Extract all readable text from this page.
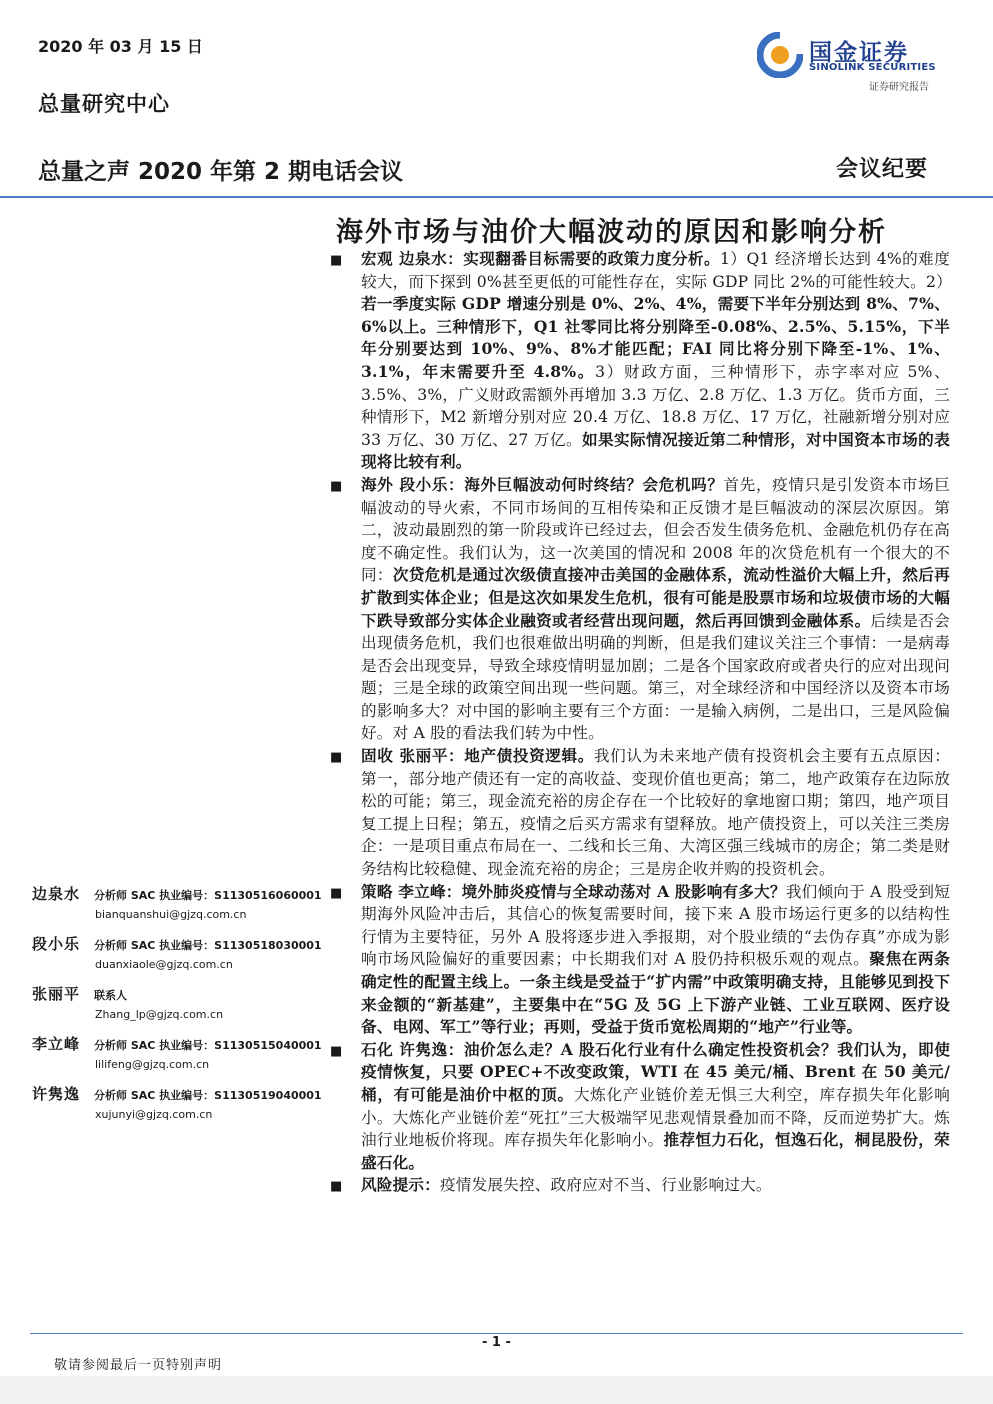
2020 年 03 月 15 日	国金证券
SINOLINK SECURITIES
证券研究报告
总量研究中心
总量之声 2020 年第 2 期电话会议	会议纪要
海外市场与油价大幅波动的原因和影响分析
■ 宏观 边泉水：实现翻番目标需要的政策力度分析。1）Q1 经济增长达到 4%的难度较大，而下探到 0%甚至更低的可能性存在，实际 GDP 同比 2%的可能性较大。2）若一季度实际 GDP 增速分别是 0%、2%、4%，需要下半年分别达到 8%、7%、6%以上。三种情形下，Q1 社零同比将分别降至-0.08%、2.5%、5.15%，下半年分别要达到 10%、9%、8%才能匹配；FAI 同比将分别下降至-1%、1%、3.1%，年末需要升至 4.8%。3）财政方面，三种情形下，赤字率对应 5%、3.5%、3%，广义财政需额外再增加 3.3 万亿、2.8 万亿、1.3 万亿。货币方面，三种情形下，M2 新增分别对应 20.4 万亿、18.8 万亿、17 万亿，社融新增分别对应 33 万亿、30 万亿、27 万亿。如果实际情况接近第二种情形，对中国资本市场的表现将比较有利。
■ 海外 段小乐：海外巨幅波动何时终结？会危机吗？首先，疫情只是引发资本市场巨幅波动的导火索，不同市场间的互相传染和正反馈才是巨幅波动的深层次原因。第二，波动最剧烈的第一阶段或许已经过去，但会否发生债务危机、金融危机仍存在高度不确定性。我们认为，这一次美国的情况和 2008 年的次贷危机有一个很大的不同：次贷危机是通过次级债直接冲击美国的金融体系，流动性溢价大幅上升，然后再扩散到实体企业；但是这次如果发生危机，很有可能是股票市场和垃圾债市场的大幅下跌导致部分实体企业融资或者经营出现问题，然后再回馈到金融体系。后续是否会出现债务危机，我们也很难做出明确的判断，但是我们建议关注三个事情：一是病毒是否会出现变异，导致全球疫情明显加剧；二是各个国家政府或者央行的应对出现问题；三是全球的政策空间出现一些问题。第三，对全球经济和中国经济以及资本市场的影响多大？对中国的影响主要有三个方面：一是输入病例，二是出口，三是风险偏好。对 A 股的看法我们转为中性。
■ 固收 张丽平：地产债投资逻辑。我们认为未来地产债有投资机会主要有五点原因：第一，部分地产债还有一定的高收益、变现价值也更高；第二，地产政策存在边际放松的可能；第三，现金流充裕的房企存在一个比较好的拿地窗口期；第四，地产项目复工提上日程；第五，疫情之后买方需求有望释放。地产债投资上，可以关注三类房企：一是项目重点布局在一、二线和长三角、大湾区强三线城市的房企；第二类是财务结构比较稳健、现金流充裕的房企；三是房企收并购的投资机会。
■ 策略 李立峰：境外肺炎疫情与全球动荡对 A 股影响有多大？我们倾向于 A 股受到短期海外风险冲击后，其信心的恢复需要时间，接下来 A 股市场运行更多的以结构性行情为主要特征，另外 A 股将逐步进入季报期，对个股业绩的“去伪存真”亦成为影响市场风险偏好的重要因素；中长期我们对 A 股仍持积极乐观的观点。聚焦在两条确定性的配置主线上。一条主线是受益于“扩内需”中政策明确支持，且能够见到投下来金额的“新基建”，主要集中在“5G 及 5G 上下游产业链、工业互联网、医疗设备、电网、军工”等行业；再则，受益于货币宽松周期的“地产”行业等。
■ 石化 许隽逸：油价怎么走？A 股石化行业有什么确定性投资机会？我们认为，即使疫情恢复，只要 OPEC+不改变政策，WTI 在 45 美元/桶、Brent 在 50 美元/桶，有可能是油价中枢的顶。大炼化产业链价差无惧三大利空，库存损失年化影响小。大炼化产业链价差“死扛”三大极端罕见悲观情景叠加而不降，反而逆势扩大。炼油行业地板价将现。库存损失年化影响小。推荐恒力石化，恒逸石化，桐昆股份，荣盛石化。
■ 风险提示：疫情发展失控、政府应对不当、行业影响过大。
边泉水	分析师 SAC 执业编号：S1130516060001
bianquanshui@gjzq.com.cn
段小乐	分析师 SAC 执业编号：S1130518030001
duanxiaole@gjzq.com.cn
张丽平	联系人
Zhang_lp@gjzq.com.cn
李立峰	分析师 SAC 执业编号：S1130515040001
lilifeng@gjzq.com.cn
许隽逸	分析师 SAC 执业编号：S1130519040001
xujunyi@gjzq.com.cn
- 1 -
敬请参阅最后一页特别声明
